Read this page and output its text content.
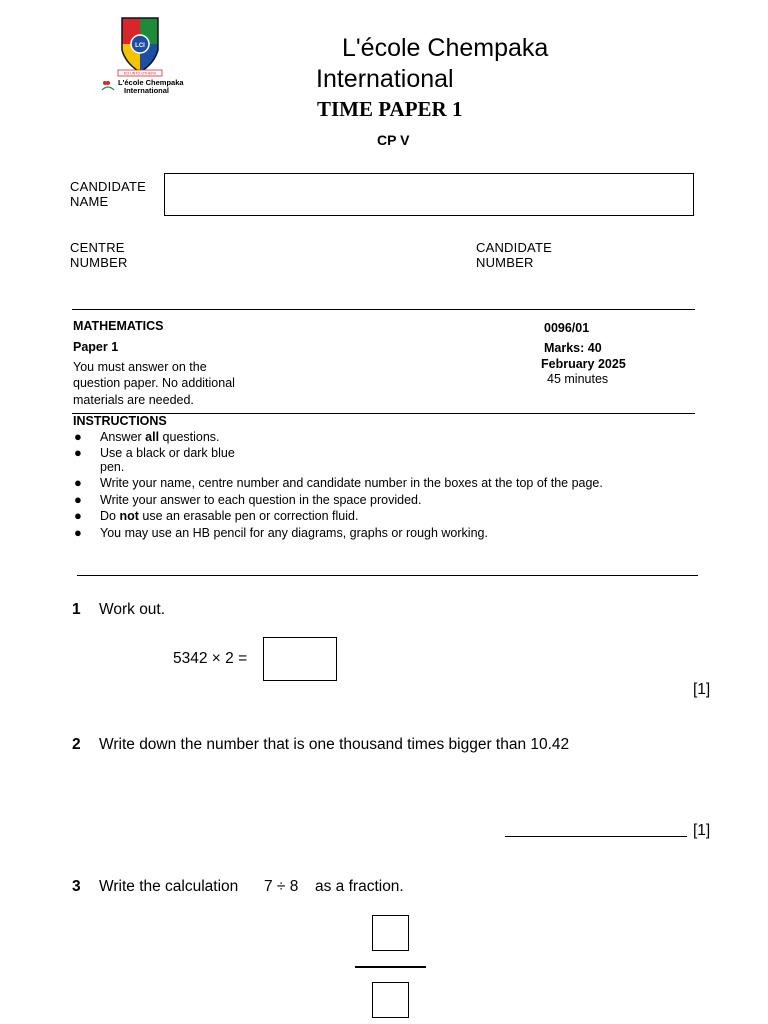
LCI
DO UNTO OTHERS
L'école Chempaka
International
L'école Chempaka
International
TIME PAPER 1
CP V
CANDIDATE
NAME
CENTRE
NUMBER
CANDIDATE
NUMBER
MATHEMATICS
Paper 1
You must answer on the
question paper. No additional
materials are needed.
0096/01
Marks: 40
February 2025
45 minutes
INSTRUCTIONS
● Answer all questions.
● Use a black or dark blue
pen.
● Write your name, centre number and candidate number in the boxes at the top of the page.
● Write your answer to each question in the space provided.
● Do not use an erasable pen or correction fluid.
● You may use an HB pencil for any diagrams, graphs or rough working.
1 Work out.
5342 × 2 =
[1]
2 Write down the number that is one thousand times bigger than 10.42
[1]
3 Write the calculation 7 ÷ 8 as a fraction.
